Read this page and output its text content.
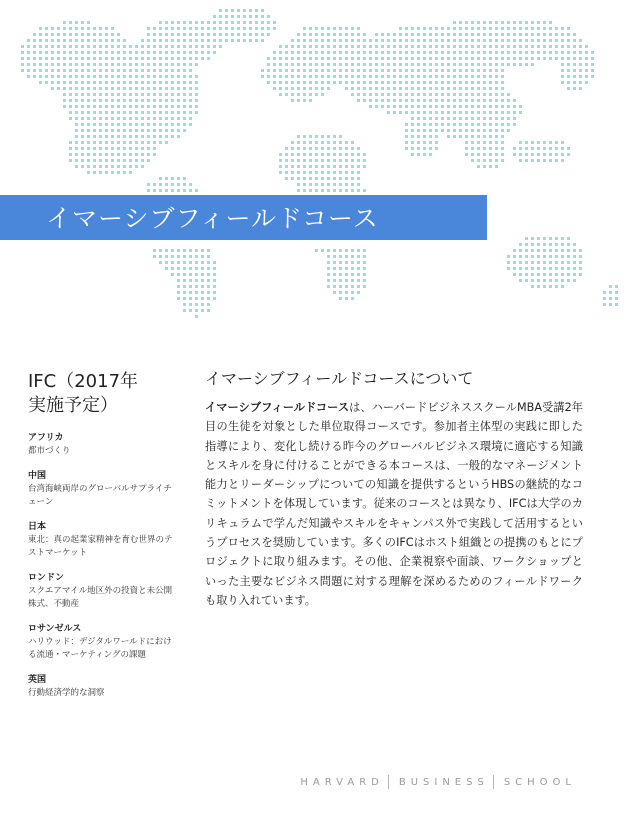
イマーシブフィールドコース
IFC（2017年
実施予定）
アフリカ
都市づくり
中国
台湾海峡両岸のグローバルサプライチェーン
日本
東北：真の起業家精神を育む世界のテストマーケット
ロンドン
スクエアマイル地区外の投資と未公開株式、不動産
ロサンゼルス
ハリウッド：デジタルワールドにおける流通・マーケティングの課題
英国
行動経済学的な洞察
イマーシブフィールドコースについて

イマーシブフィールドコースは、ハーバードビジネススクールMBA受講2年目の生徒を対象とした単位取得コースです。参加者主体型の実践に即した指導により、変化し続ける昨今のグローバルビジネス環境に適応する知識とスキルを身に付けることができる本コースは、一般的なマネージメント能力とリーダーシップについての知識を提供するというHBSの継続的なコミットメントを体現しています。従来のコースとは異なり、IFCは大学のカリキュラムで学んだ知識やスキルをキャンパス外で実践して活用するというプロセスを奨励しています。多くのIFCはホスト組織との提携のもとにプロジェクトに取り組みます。その他、企業視察や面談、ワークショップといった主要なビジネス問題に対する理解を深めるためのフィールドワークも取り入れています。

HARVARD BUSINESS SCHOOL
